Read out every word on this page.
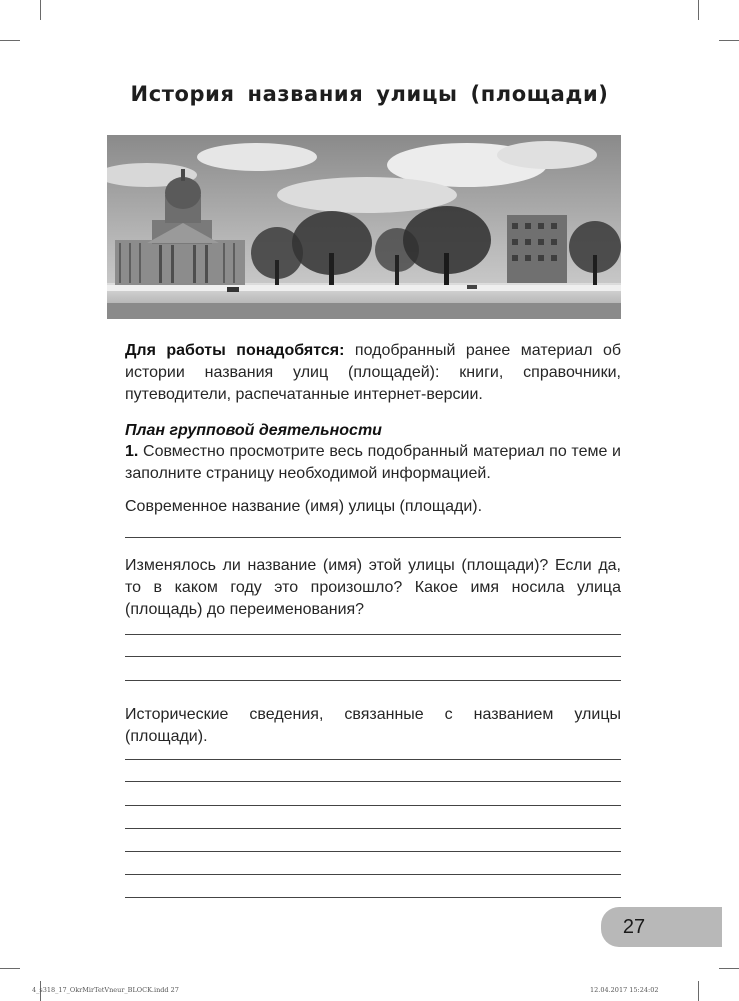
История названия улицы (площади)
Для работы понадобятся: подобранный ранее материал об истории названия улиц (площадей): книги, справочники, путеводители, распечатанные интернет-версии.
План групповой деятельности
1. Совместно просмотрите весь подобранный материал по теме и заполните страницу необходимой информацией.
Современное название (имя) улицы (площади).
Изменялось ли название (имя) этой улицы (площади)? Если да, то в каком году это произошло? Какое имя носила улица (площадь) до переименования?
Исторические сведения, связанные с названием улицы (площади).
27
4_s318_17_OkrMirTetVneur_BLOCK.indd 27	12.04.2017 15:24:02
